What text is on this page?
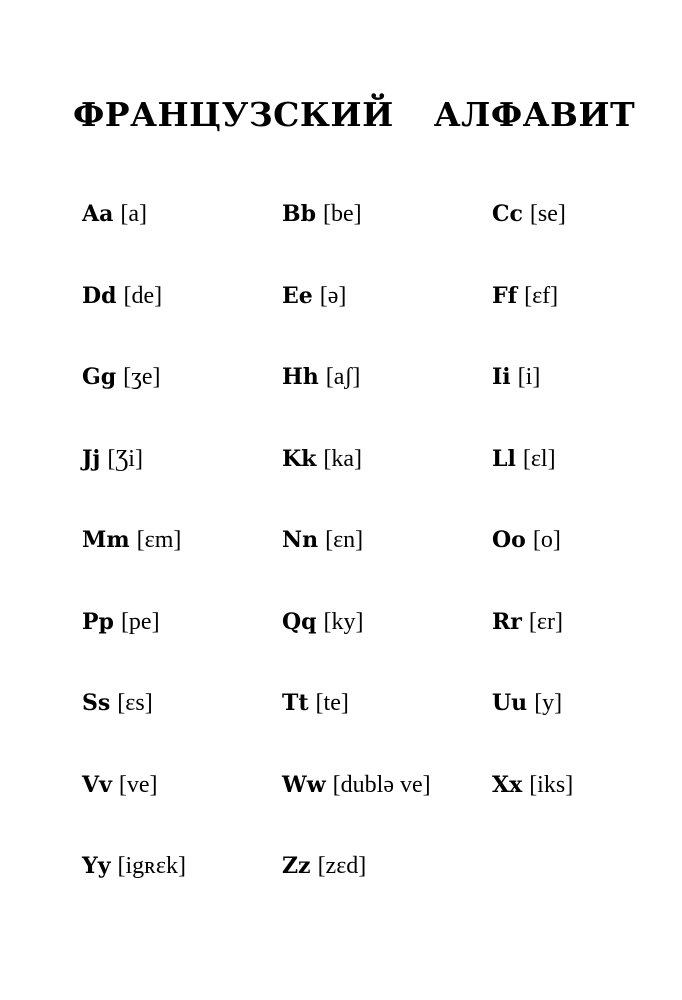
ФРАНЦУЗСКИЙ  АЛФАВИТ
Aa [a]	Bb [be]	Cc [se]
Dd [de]	Ee [ə]	Ff [ɛf]
Gg [ʒe]	Hh [aʃ]	Ii [i]
Jj [Ʒi]	Kk [ka]	Ll [ɛl]
Mm [ɛm]	Nn [ɛn]	Oo [o]
Pp [pe]	Qq [ky]	Rr [ɛr]
Ss [ɛs]	Tt [te]	Uu [y]
Vv [ve]	Ww [dublə ve]	Xx [iks]
Yy [igʀɛk]	Zz [zɛd]
